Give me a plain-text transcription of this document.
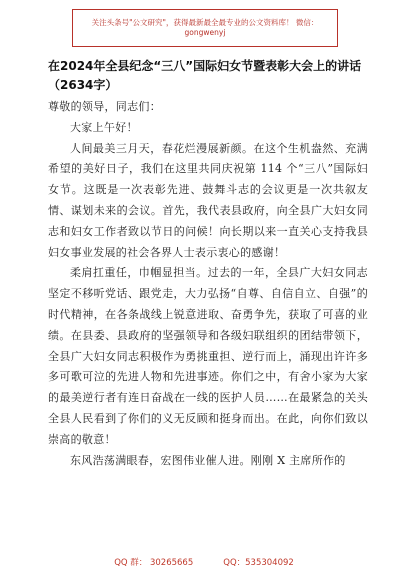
关注头条号"公文研究"，获得最新最全最专业的公文资料库！ 微信：gongwenyj
在2024年全县纪念“三八”国际妇女节暨表彰大会上的讲话（2634字）

尊敬的领导，同志们：

大家上午好！

人间最美三月天，春花烂漫展新颜。在这个生机盎然、充满希望的美好日子，我们在这里共同庆祝第 114 个“三八”国际妇女节。这既是一次表彰先进、鼓舞斗志的会议更是一次共叙友情、谋划未来的会议。首先，我代表县政府，向全县广大妇女同志和妇女工作者致以节日的问候！向长期以来一直关心支持我县妇女事业发展的社会各界人士表示衷心的感谢！

柔肩扛重任，巾帼显担当。过去的一年，全县广大妇女同志坚定不移听党话、跟党走，大力弘扬“自尊、自信自立、自强”的时代精神，在各条战线上锐意进取、奋勇争先，获取了可喜的业绩。在县委、县政府的坚强领导和各级妇联组织的团结带领下，全县广大妇女同志积极作为勇挑重担、逆行而上，涌现出许许多多可歌可泣的先进人物和先进事迹。你们之中，有舍小家为大家的最美逆行者有连日奋战在一线的医护人员……在最紧急的关头全县人民看到了你们的义无反顾和挺身而出。在此，向你们致以崇高的敬意！

东风浩荡满眼春，宏图伟业催人进。刚刚 X 主席所作的

QQ 群： 30265665	QQ：535304092
